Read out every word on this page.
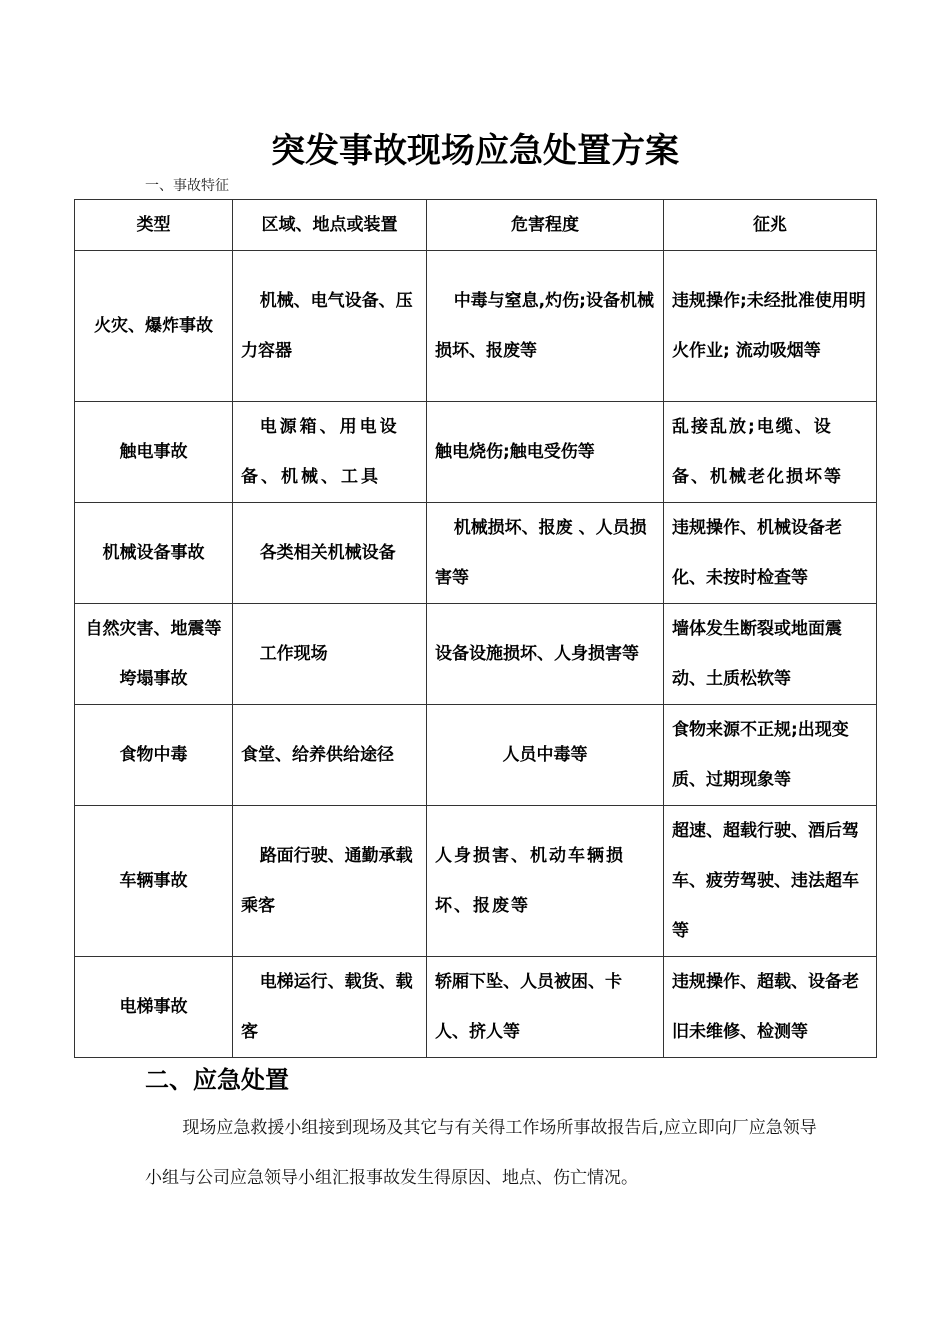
突发事故现场应急处置方案
一、事故特征
类型	区域、地点或装置	危害程度	征兆
火灾、爆炸事故	机械、电气设备、压力容器	中毒与窒息,灼伤;设备机械损坏、报废等	违规操作;未经批准使用明火作业; 流动吸烟等
触电事故	电源箱、用电设备、机械、工具	触电烧伤;触电受伤等	乱接乱放;电缆、设备、机械老化损坏等
机械设备事故	各类相关机械设备	机械损坏、报废 、人员损害等	违规操作、机械设备老化、未按时检查等
自然灾害、地震等垮塌事故	工作现场	设备设施损坏、人身损害等	墙体发生断裂或地面震动、土质松软等
食物中毒	食堂、给养供给途径	人员中毒等	食物来源不正规;出现变质、过期现象等
车辆事故	路面行驶、通勤承载乘客	人身损害、机动车辆损坏、报废等	超速、超载行驶、酒后驾车、疲劳驾驶、违法超车等
电梯事故	电梯运行、载货、载客	轿厢下坠、人员被困、卡人、挤人等	违规操作、超载、设备老旧未维修、检测等
二、应急处置
现场应急救援小组接到现场及其它与有关得工作场所事故报告后,应立即向厂应急领导小组与公司应急领导小组汇报事故发生得原因、地点、伤亡情况。
